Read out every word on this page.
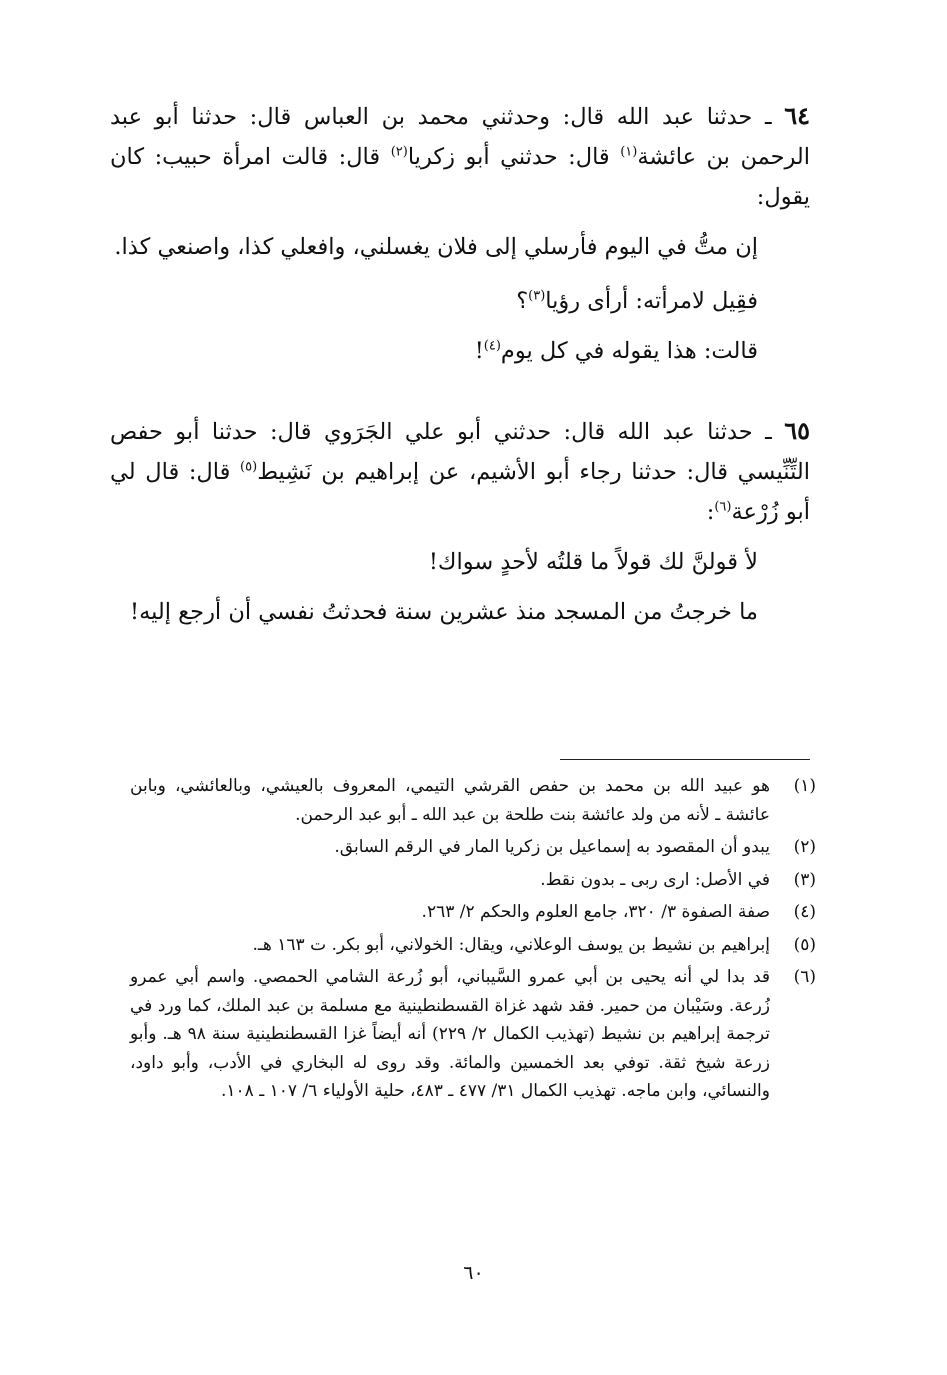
٦٤ ـ حدثنا عبد الله قال: وحدثني محمد بن العباس قال: حدثنا أبو عبد الرحمن بن عائشة$^{(١)}$ قال: حدثني أبو زكريا$^{(٢)}$ قال: قالت امرأة حبيب: كان يقول:

إن متُّ في اليوم فأرسلي إلى فلان يغسلني، وافعلي كذا، واصنعي كذا.

فقِيل لامرأته: أرأى رؤيا$^{(٣)}$؟

قالت: هذا يقوله في كل يوم$^{(٤)}$!

٦٥ ـ حدثنا عبد الله قال: حدثني أبو علي الجَرَوي قال: حدثنا أبو حفص التِّنِّيسي قال: حدثنا رجاء أبو الأشيم، عن إبراهيم بن نَشِيط$^{(٥)}$ قال: قال لي أبو زُرْعة$^{(٦)}$:

لأ قولنَّ لك قولاً ما قلتُه لأحدٍ سواك!

ما خرجتُ من المسجد منذ عشرين سنة فحدثتُ نفسي أن أرجع إليه!

(١)
هو عبيد الله بن محمد بن حفص القرشي التيمي، المعروف بالعيشي، وبالعائشي، وبابن عائشة ـ لأنه من ولد عائشة بنت طلحة بن عبد الله ـ أبو عبد الرحمن.
(٢)
يبدو أن المقصود به إسماعيل بن زكريا المار في الرقم السابق.
(٣)
في الأصل: ارى ربى ـ بدون نقط.
(٤)
صفة الصفوة ٣/ ٣٢٠، جامع العلوم والحكم ٢/ ٢٦٣.
(٥)
إبراهيم بن نشيط بن يوسف الوعلاني، ويقال: الخولاني، أبو بكر. ت ١٦٣ هـ.
(٦)
قد بدا لي أنه يحيى بن أبي عمرو السَّيباني، أبو زُرعة الشامي الحمصي. واسم أبي عمرو زُرعة. وسَيْبان من حمير. فقد شهد غزاة القسطنطينية مع مسلمة بن عبد الملك، كما ورد في ترجمة إبراهيم بن نشيط (تهذيب الكمال ٢/ ٢٢٩) أنه أيضاً غزا القسطنطينية سنة ٩٨ هـ. وأبو زرعة شيخ ثقة. توفي بعد الخمسين والمائة. وقد روى له البخاري في الأدب، وأبو داود، والنسائي، وابن ماجه. تهذيب الكمال ٣١/ ٤٧٧ ـ ٤٨٣، حلية الأولياء ٦/ ١٠٧ ـ ١٠٨.
٦٠
